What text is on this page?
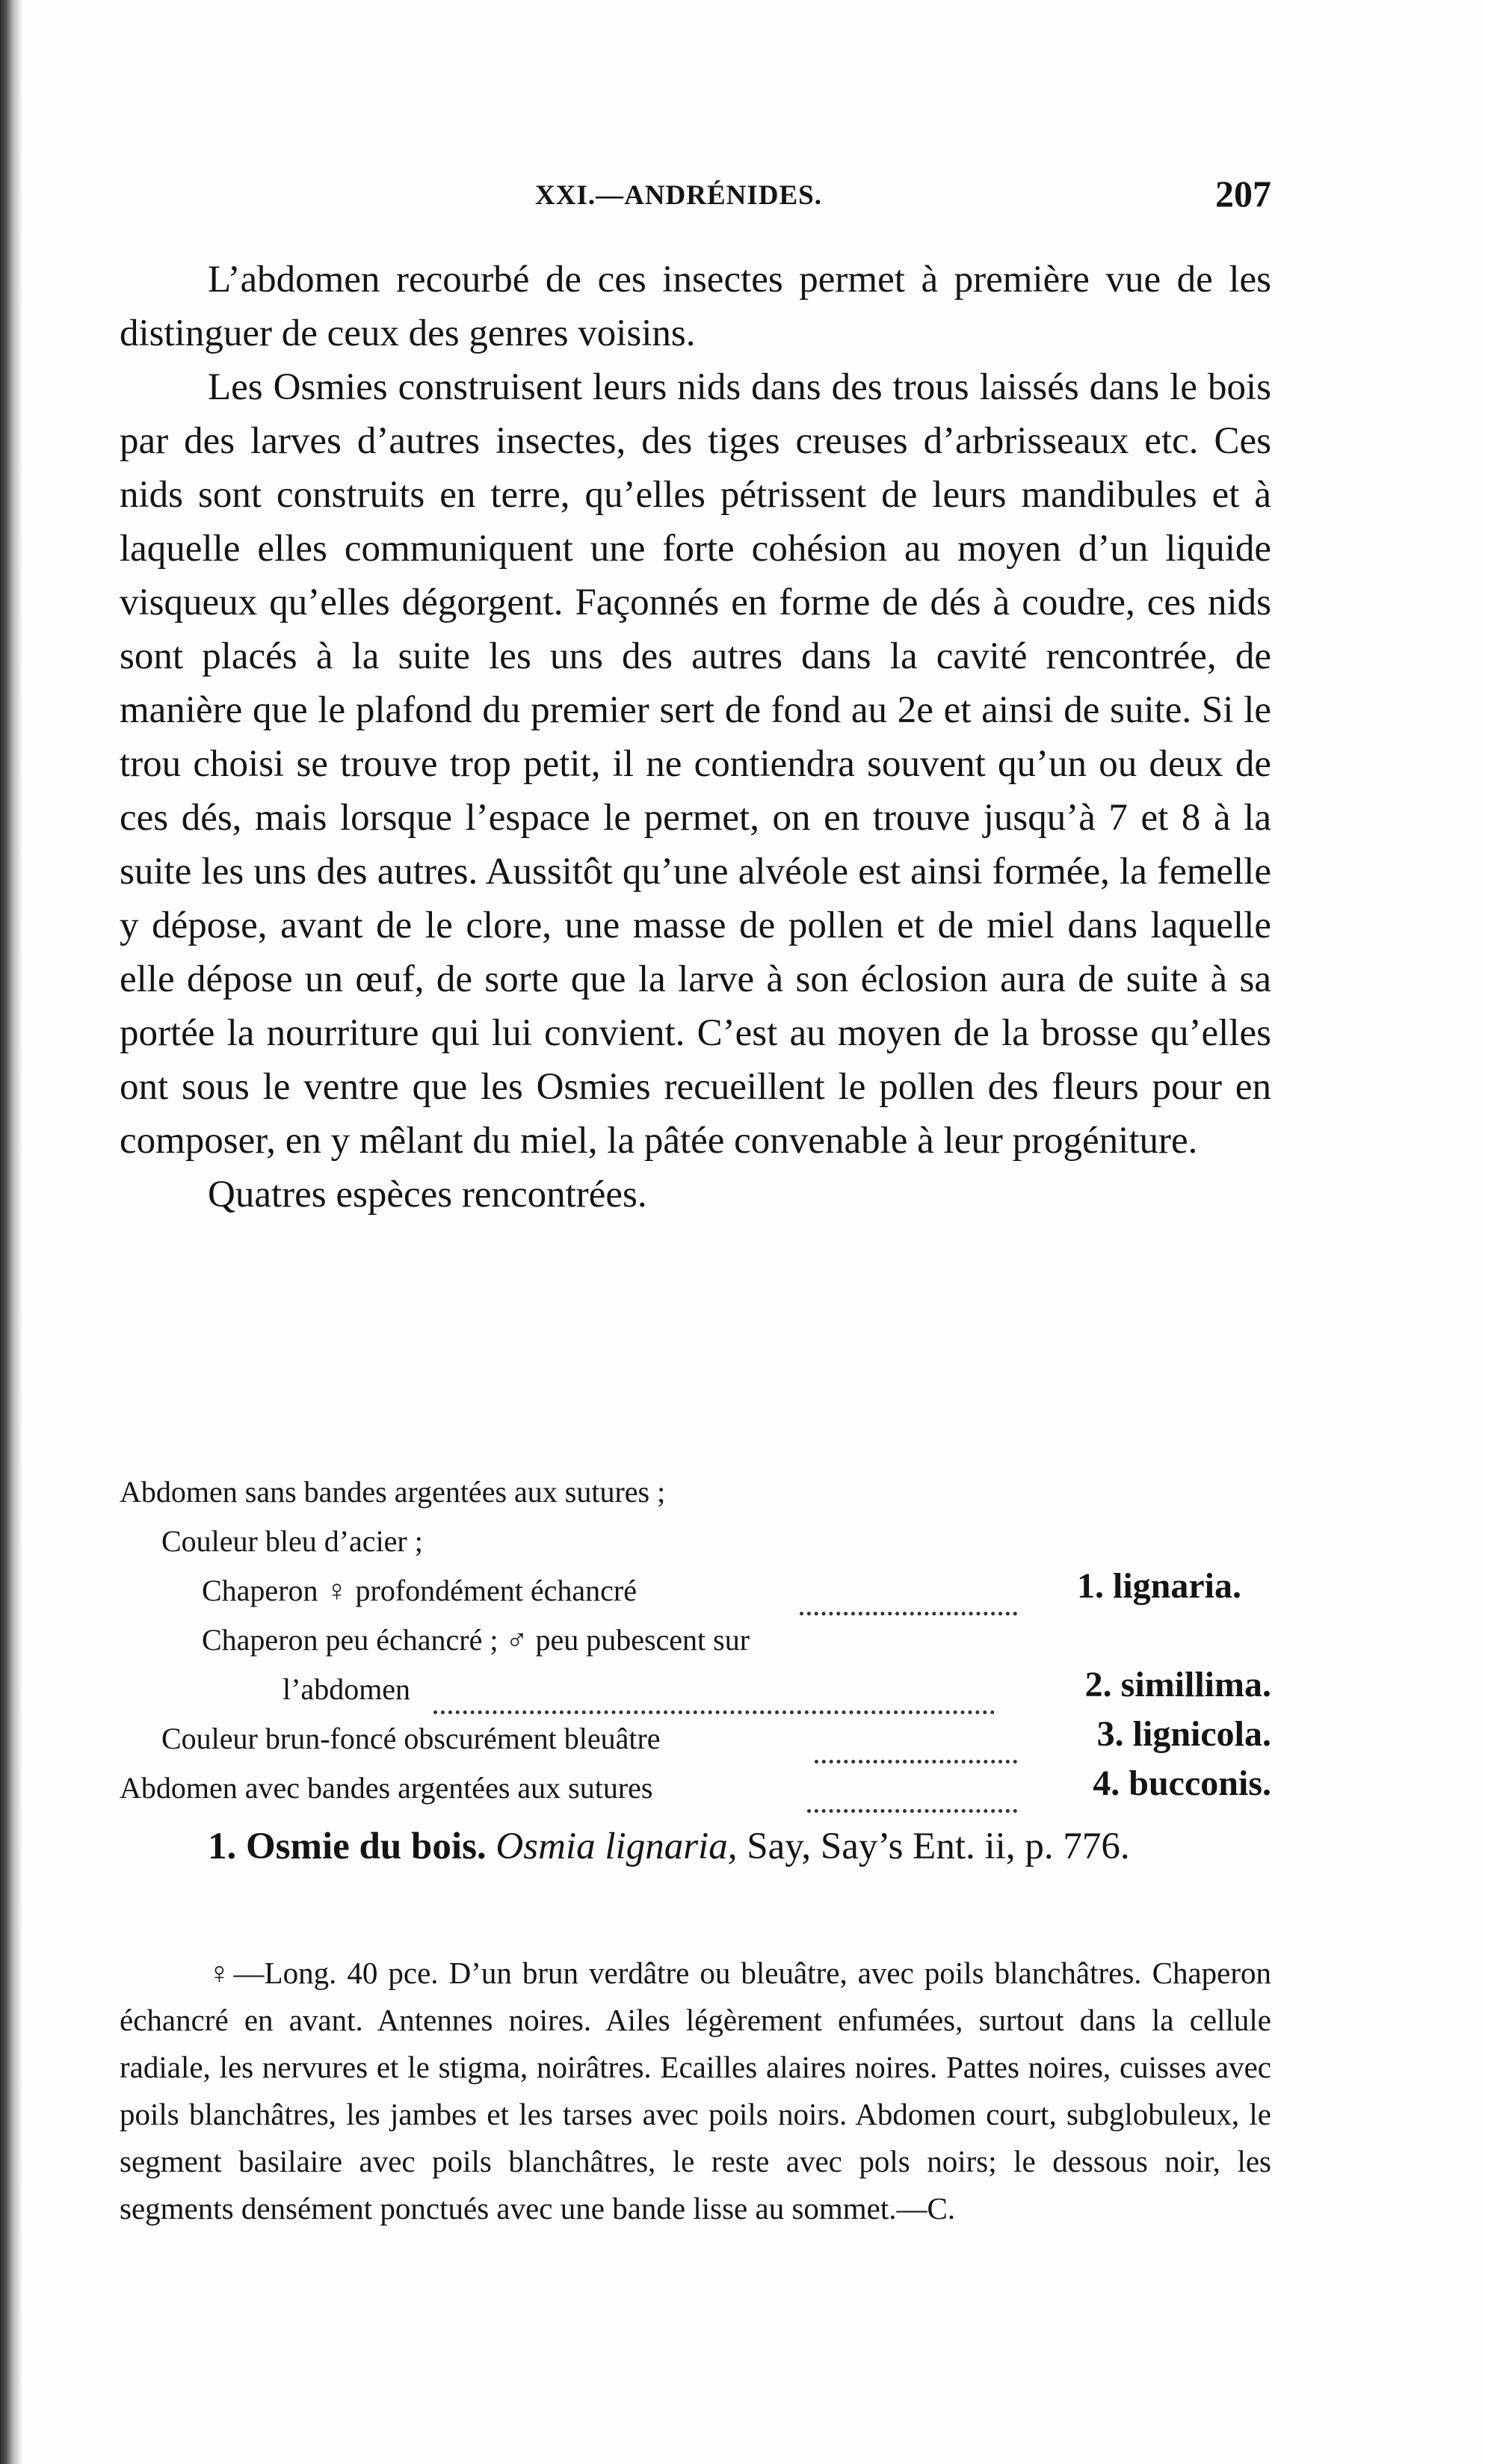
XXI.—ANDRÉNIDES.	207

L’abdomen recourbé de ces insectes permet à première vue de les distinguer de ceux des genres voisins.

Les Osmies construisent leurs nids dans des trous laissés dans le bois par des larves d’autres insectes, des tiges creuses d’arbrisseaux etc. Ces nids sont construits en terre, qu’elles pétrissent de leurs mandibules et à laquelle elles communiquent une forte cohésion au moyen d’un liquide visqueux qu’elles dégorgent. Façonnés en forme de dés à coudre, ces nids sont placés à la suite les uns des autres dans la cavité rencontrée, de manière que le plafond du premier sert de fond au 2e et ainsi de suite. Si le trou choisi se trouve trop petit, il ne contiendra souvent qu’un ou deux de ces dés, mais lorsque l’espace le permet, on en trouve jusqu’à 7 et 8 à la suite les uns des autres. Aussitôt qu’une alvéole est ainsi formée, la femelle y dépose, avant de le clore, une masse de pollen et de miel dans laquelle elle dépose un œuf, de sorte que la larve à son éclosion aura de suite à sa portée la nourriture qui lui convient. C’est au moyen de la brosse qu’elles ont sous le ventre que les Osmies recueillent le pollen des fleurs pour en composer, en y mêlant du miel, la pâtée convenable à leur progéniture.

Quatres espèces rencontrées.

Abdomen sans bandes argentées aux sutures ;
Couleur bleu d’acier ;
Chaperon ♀ profondément échancré	1. lignaria.
Chaperon peu échancré ; ♂ peu pubescent sur
l’abdomen	2. simillima.
Couleur brun-foncé obscurément bleuâtre	3. lignicola.
Abdomen avec bandes argentées aux sutures	4. bucconis.

1. Osmie du bois. Osmia lignaria, Say, Say’s Ent. ii, p. 776.

♀—Long. 40 pce. D’un brun verdâtre ou bleuâtre, avec poils blanchâtres. Chaperon échancré en avant. Antennes noires. Ailes légèrement enfumées, surtout dans la cellule radiale, les nervures et le stigma, noirâtres. Ecailles alaires noires. Pattes noires, cuisses avec poils blanchâtres, les jambes et les tarses avec poils noirs. Abdomen court, subglobuleux, le segment basilaire avec poils blanchâtres, le reste avec pols noirs; le dessous noir, les segments densément ponctués avec une bande lisse au sommet.—C.
